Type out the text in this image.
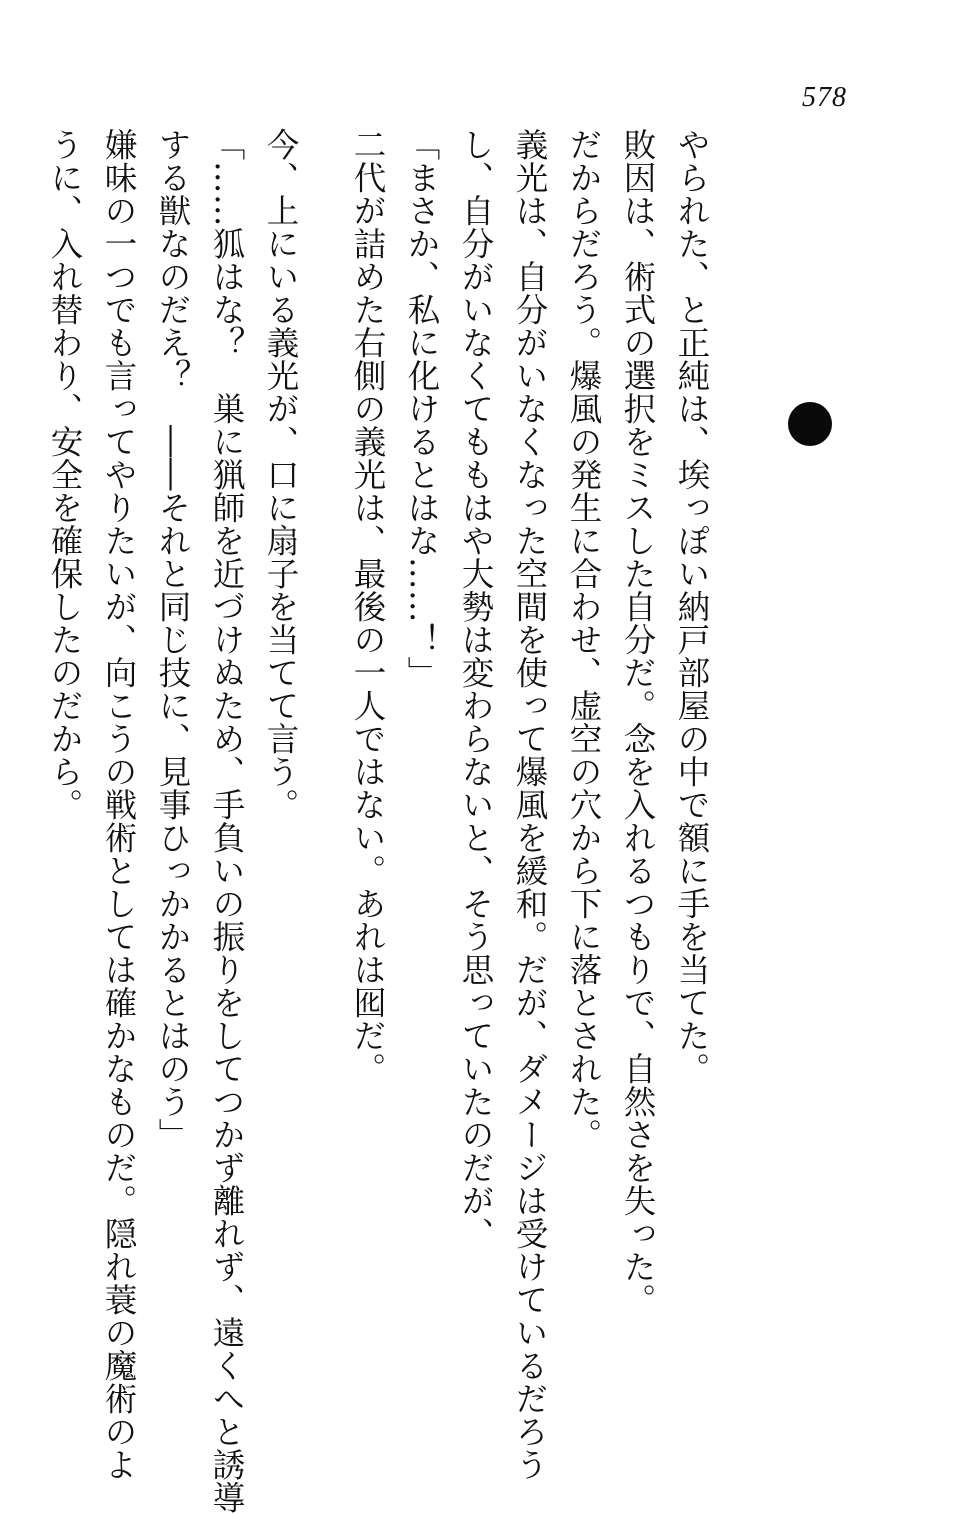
578
やられた、と正純は、埃っぽい納戸部屋の中で額に手を当てた。
敗因は、術式の選択をミスした自分だ。念を入れるつもりで、自然さを失った。
だからだろう。爆風の発生に合わせ、虚空の穴から下に落とされた。
義光は、自分がいなくなった空間を使って爆風を緩和。だが、ダメージは受けているだろう
し、自分がいなくてももはや大勢は変わらないと、そう思っていたのだが、
「まさか、私に化けるとはな……！」
二代が詰めた右側の義光は、最後の一人ではない。あれは囮だ。
今、上にいる義光が、口に扇子を当てて言う。
「……狐はな？　巣に猟師を近づけぬため、手負いの振りをしてつかず離れず、遠くへと誘導
する獣なのだえ？　――それと同じ技に、見事ひっかかるとはのう」
嫌味の一つでも言ってやりたいが、向こうの戦術としては確かなものだ。隠れ蓑の魔術のよ
うに、入れ替わり、安全を確保したのだから。
